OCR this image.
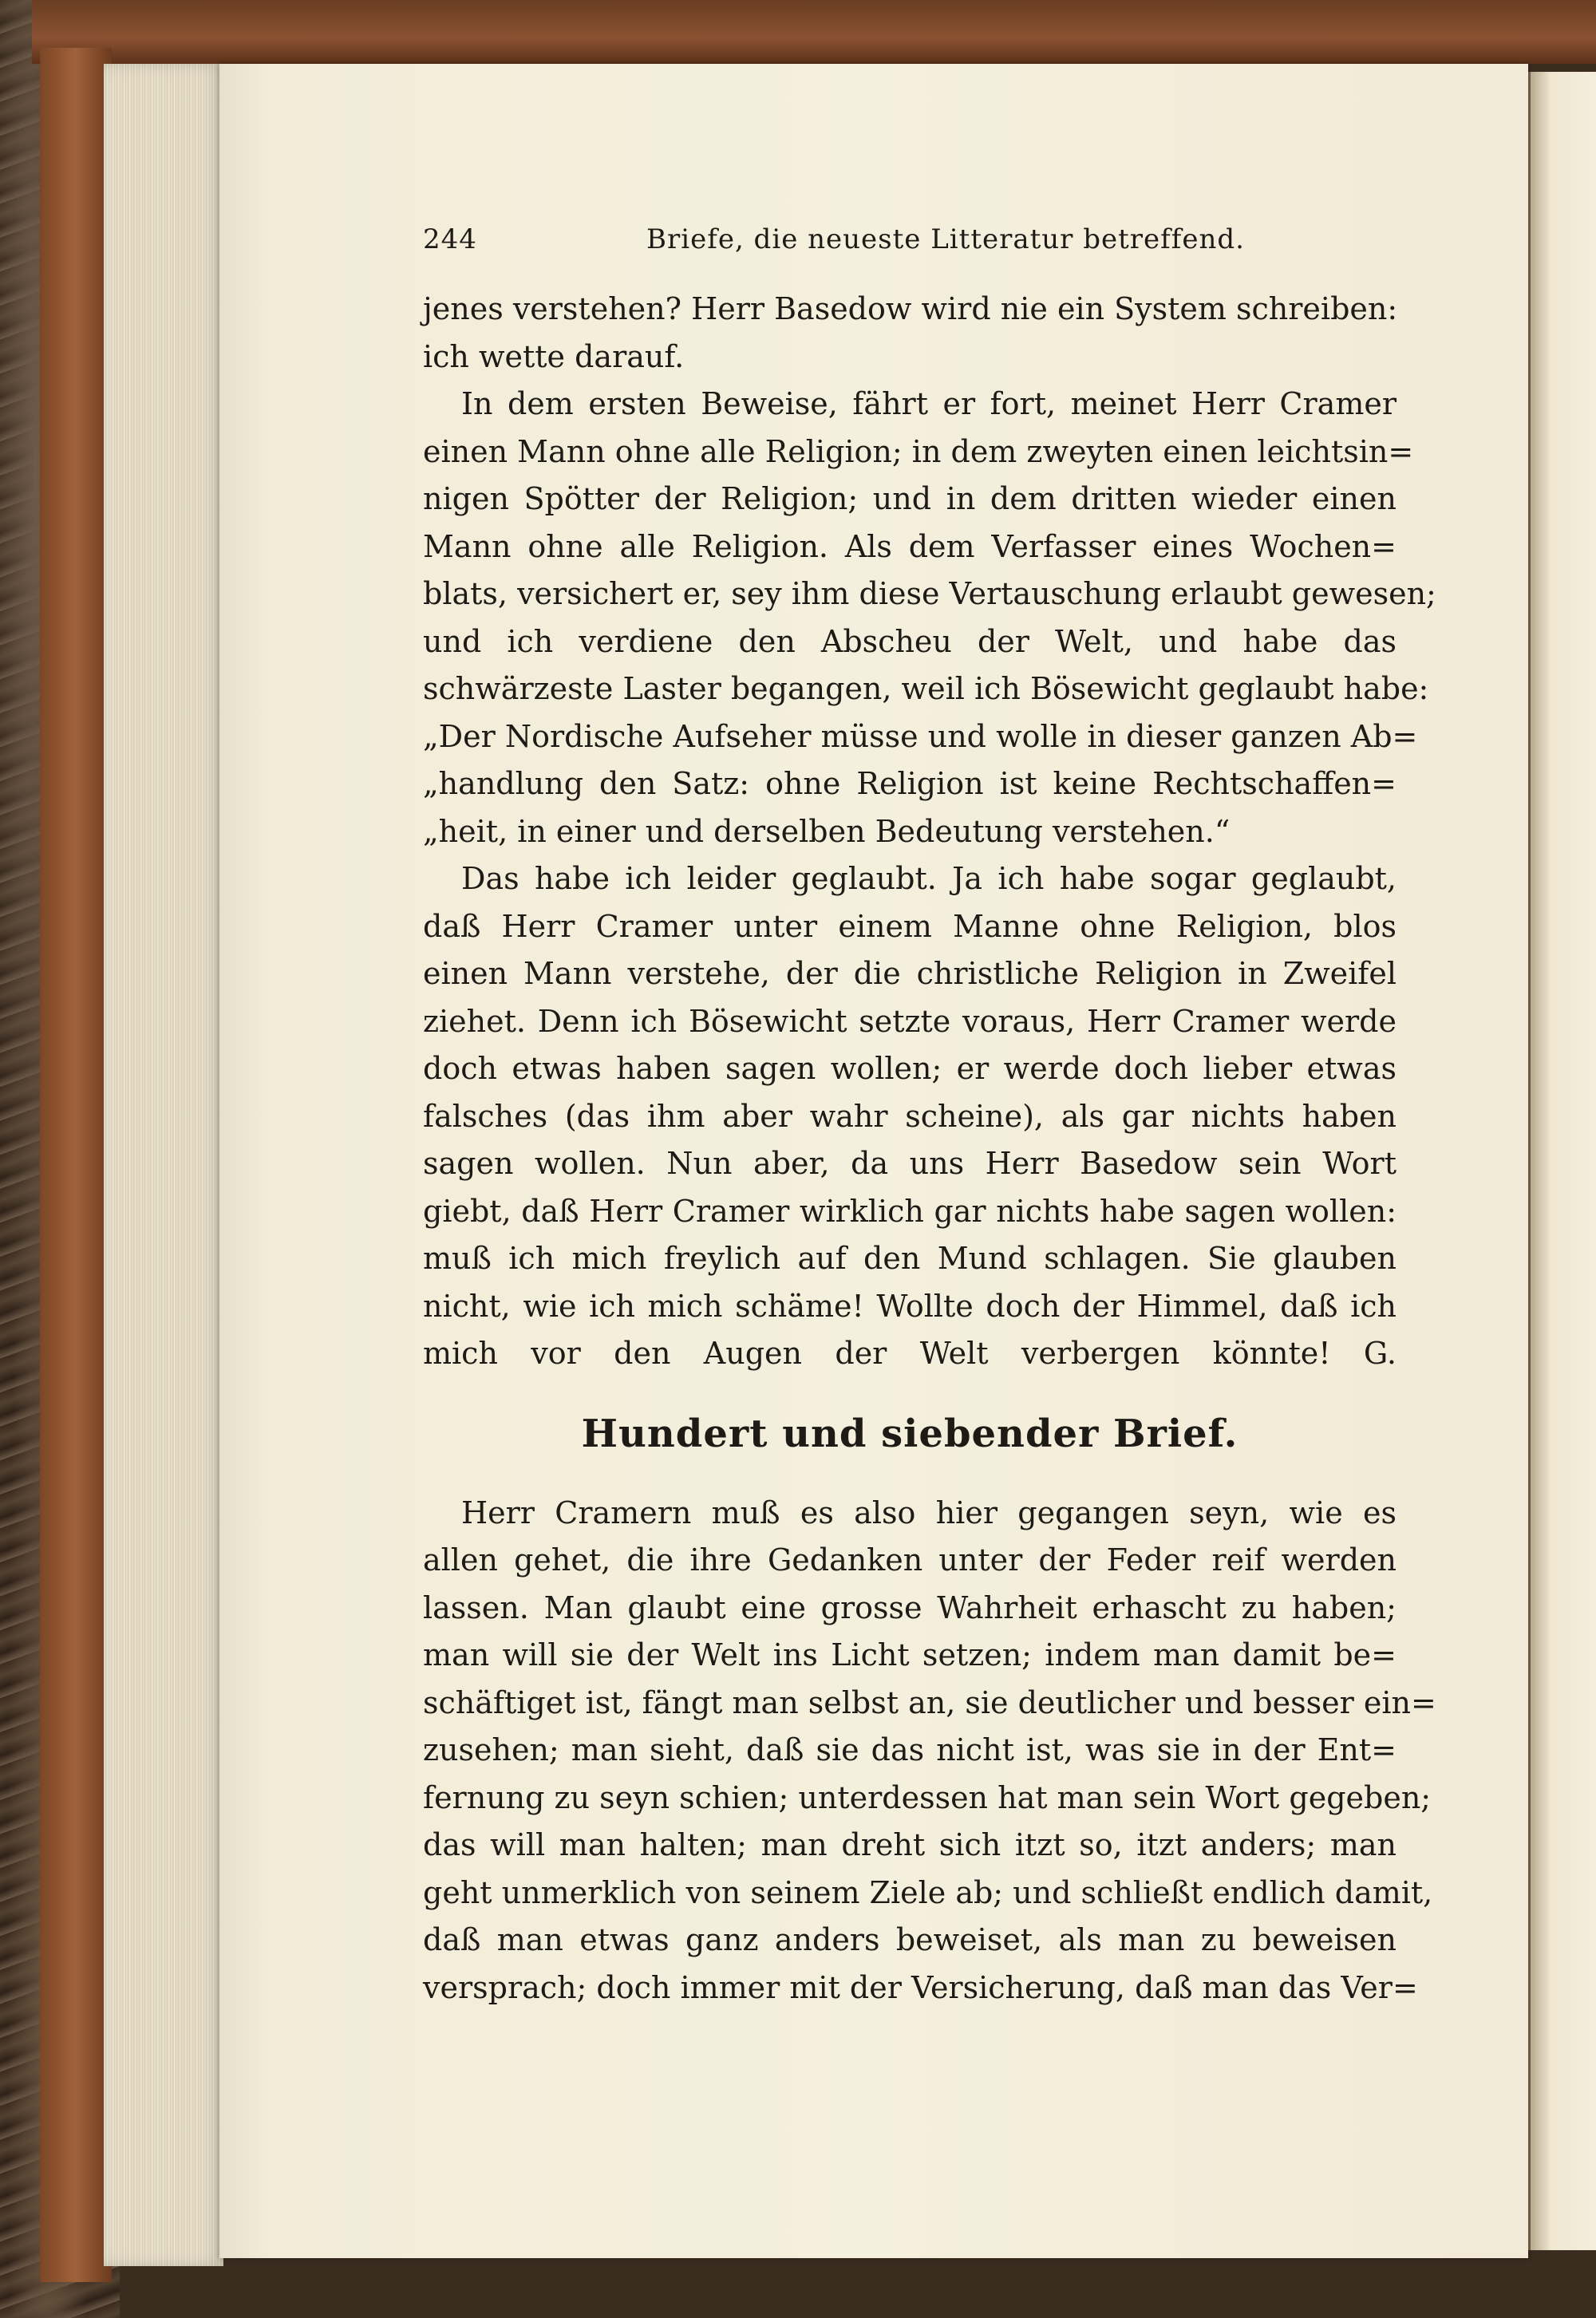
244	Briefe, die neueste Litteratur betreffend.
jenes verstehen? Herr Basedow wird nie ein System schreiben:
ich wette darauf.
In dem ersten Beweise, fährt er fort, meinet Herr Cramer
einen Mann ohne alle Religion; in dem zweyten einen leichtsin=
nigen Spötter der Religion; und in dem dritten wieder einen
Mann ohne alle Religion. Als dem Verfasser eines Wochen=
blats, versichert er, sey ihm diese Vertauschung erlaubt gewesen;
und ich verdiene den Abscheu der Welt, und habe das
schwärzeste Laster begangen, weil ich Bösewicht geglaubt habe:
„Der Nordische Aufseher müsse und wolle in dieser ganzen Ab=
„handlung den Satz: ohne Religion ist keine Rechtschaffen=
„heit, in einer und derselben Bedeutung verstehen.“
Das habe ich leider geglaubt. Ja ich habe sogar geglaubt,
daß Herr Cramer unter einem Manne ohne Religion, blos
einen Mann verstehe, der die christliche Religion in Zweifel
ziehet. Denn ich Bösewicht setzte voraus, Herr Cramer werde
doch etwas haben sagen wollen; er werde doch lieber etwas
falsches (das ihm aber wahr scheine), als gar nichts haben
sagen wollen. Nun aber, da uns Herr Basedow sein Wort
giebt, daß Herr Cramer wirklich gar nichts habe sagen wollen:
muß ich mich freylich auf den Mund schlagen. Sie glauben
nicht, wie ich mich schäme! Wollte doch der Himmel, daß ich
mich vor den Augen der Welt verbergen könnte! G.
Hundert und siebender Brief.
Herr Cramern muß es also hier gegangen seyn, wie es
allen gehet, die ihre Gedanken unter der Feder reif werden
lassen. Man glaubt eine grosse Wahrheit erhascht zu haben;
man will sie der Welt ins Licht setzen; indem man damit be=
schäftiget ist, fängt man selbst an, sie deutlicher und besser ein=
zusehen; man sieht, daß sie das nicht ist, was sie in der Ent=
fernung zu seyn schien; unterdessen hat man sein Wort gegeben;
das will man halten; man dreht sich itzt so, itzt anders; man
geht unmerklich von seinem Ziele ab; und schließt endlich damit,
daß man etwas ganz anders beweiset, als man zu beweisen
versprach; doch immer mit der Versicherung, daß man das Ver=
